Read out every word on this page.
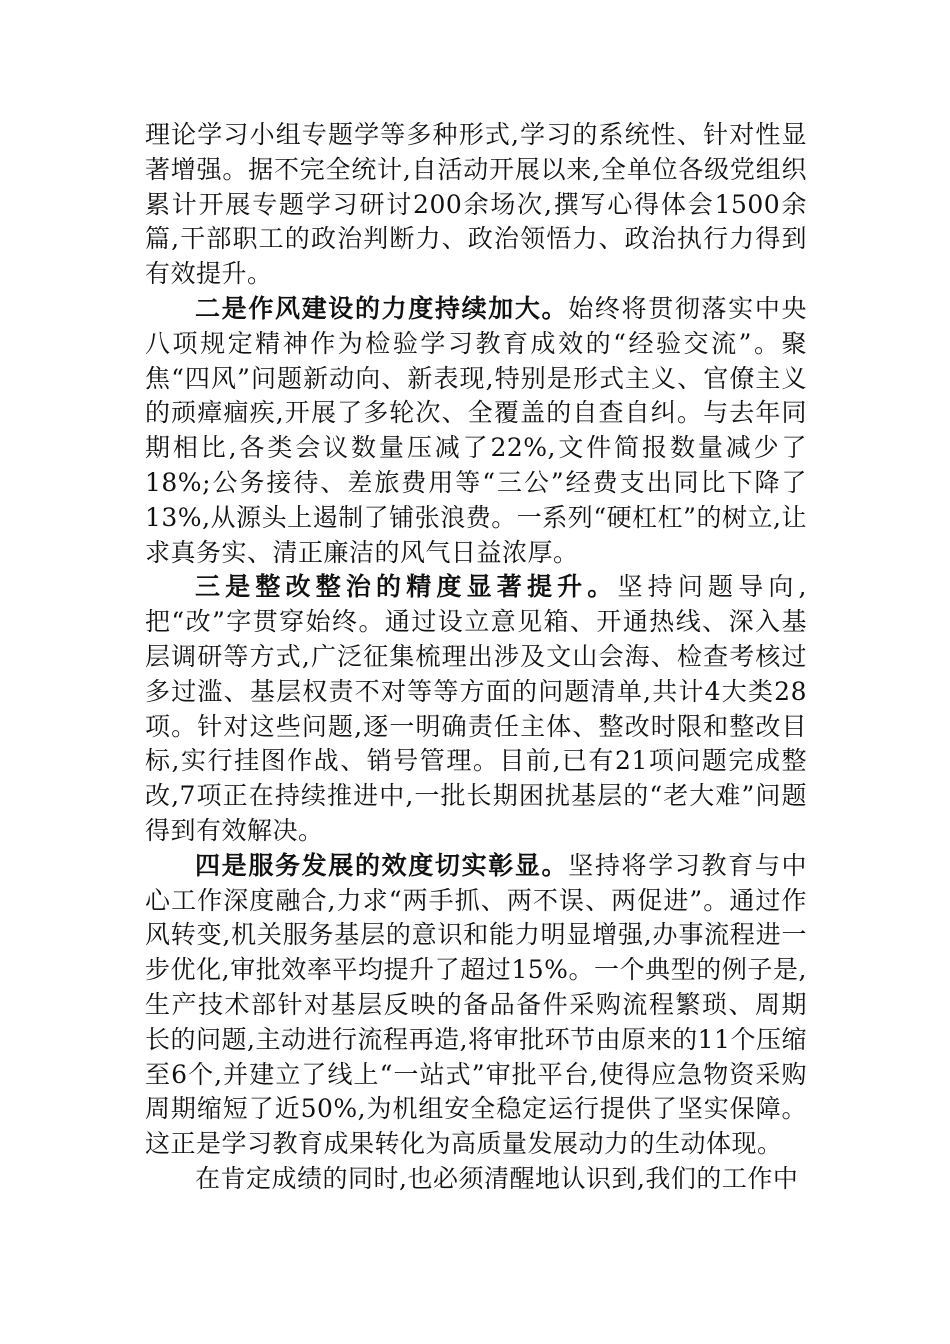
理论学习小组专题学等多种形式,学习的系统性、针对性显著增强。据不完全统计,自活动开展以来,全单位各级党组织累计开展专题学习研讨200余场次,撰写心得体会1500余篇,干部职工的政治判断力、政治领悟力、政治执行力得到有效提升。

二是作风建设的力度持续加大。始终将贯彻落实中央八项规定精神作为检验学习教育成效的“经验交流”。聚焦“四风”问题新动向、新表现,特别是形式主义、官僚主义的顽瘴痼疾,开展了多轮次、全覆盖的自查自纠。与去年同期相比,各类会议数量压减了22%,文件简报数量减少了18%;公务接待、差旅费用等“三公”经费支出同比下降了13%,从源头上遏制了铺张浪费。一系列“硬杠杠”的树立,让求真务实、清正廉洁的风气日益浓厚。

三是整改整治的精度显著提升。坚持问题导向,把“改”字贯穿始终。通过设立意见箱、开通热线、深入基层调研等方式,广泛征集梳理出涉及文山会海、检查考核过多过滥、基层权责不对等等方面的问题清单,共计4大类28项。针对这些问题,逐一明确责任主体、整改时限和整改目标,实行挂图作战、销号管理。目前,已有21项问题完成整改,7项正在持续推进中,一批长期困扰基层的“老大难”问题得到有效解决。

四是服务发展的效度切实彰显。坚持将学习教育与中心工作深度融合,力求“两手抓、两不误、两促进”。通过作风转变,机关服务基层的意识和能力明显增强,办事流程进一步优化,审批效率平均提升了超过15%。一个典型的例子是,生产技术部针对基层反映的备品备件采购流程繁琐、周期长的问题,主动进行流程再造,将审批环节由原来的11个压缩至6个,并建立了线上“一站式”审批平台,使得应急物资采购周期缩短了近50%,为机组安全稳定运行提供了坚实保障。这正是学习教育成果转化为高质量发展动力的生动体现。

在肯定成绩的同时,也必须清醒地认识到,我们的工作中
